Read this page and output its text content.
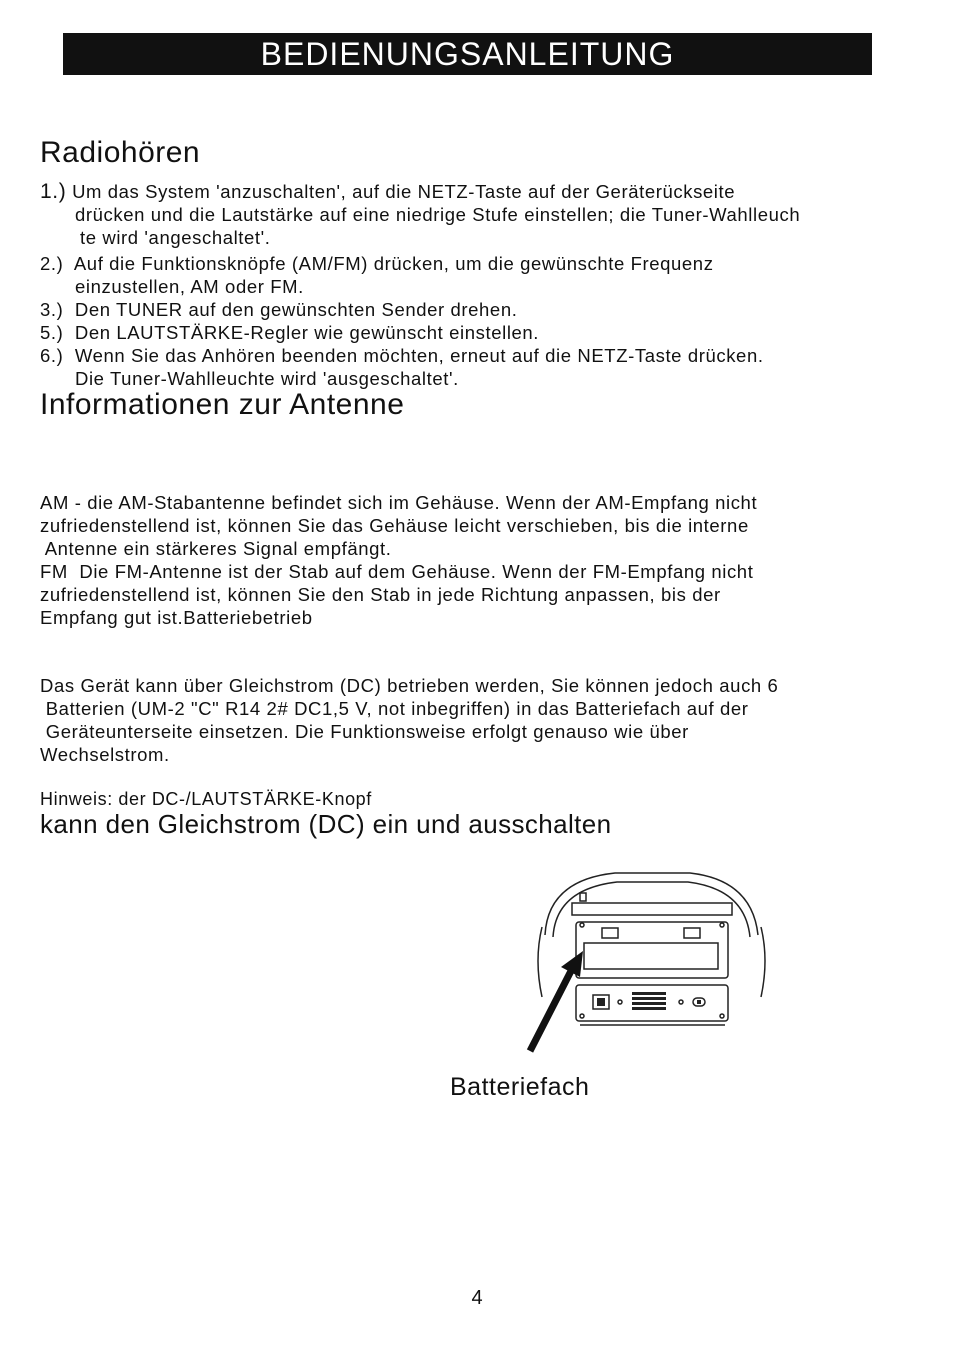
BEDIENUNGSANLEITUNG
Radiohören
1.) Um das System 'anzuschalten', auf die NETZ-Taste auf der Geräterückseite
drücken und die Lautstärke auf eine niedrige Stufe einstellen; die Tuner-Wahlleuch
te wird 'angeschaltet'.
2.) Auf die Funktionsknöpfe (AM/FM) drücken, um die gewünschte Frequenz
einzustellen, AM oder FM.
3.) Den TUNER auf den gewünschten Sender drehen.
5.) Den LAUTSTÄRKE-Regler wie gewünscht einstellen.
6.) Wenn Sie das Anhören beenden möchten, erneut auf die NETZ-Taste drücken.
Die Tuner-Wahlleuchte wird 'ausgeschaltet'.
Informationen zur Antenne
AM - die AM-Stabantenne befindet sich im Gehäuse. Wenn der AM-Empfang nicht
zufriedenstellend ist, können Sie das Gehäuse leicht verschieben, bis die interne
Antenne ein stärkeres Signal empfängt.
FM  Die FM-Antenne ist der Stab auf dem Gehäuse. Wenn der FM-Empfang nicht
zufriedenstellend ist, können Sie den Stab in jede Richtung anpassen, bis der
Empfang gut ist.Batteriebetrieb
Das Gerät kann über Gleichstrom (DC) betrieben werden, Sie können jedoch auch 6
Batterien (UM-2 "C" R14 2# DC1,5 V, not inbegriffen) in das Batteriefach auf der
Geräteunterseite einsetzen. Die Funktionsweise erfolgt genauso wie über
Wechselstrom.
Hinweis: der DC-/LAUTSTÄRKE-Knopf
kann den Gleichstrom (DC) ein und ausschalten
Batteriefach
4
